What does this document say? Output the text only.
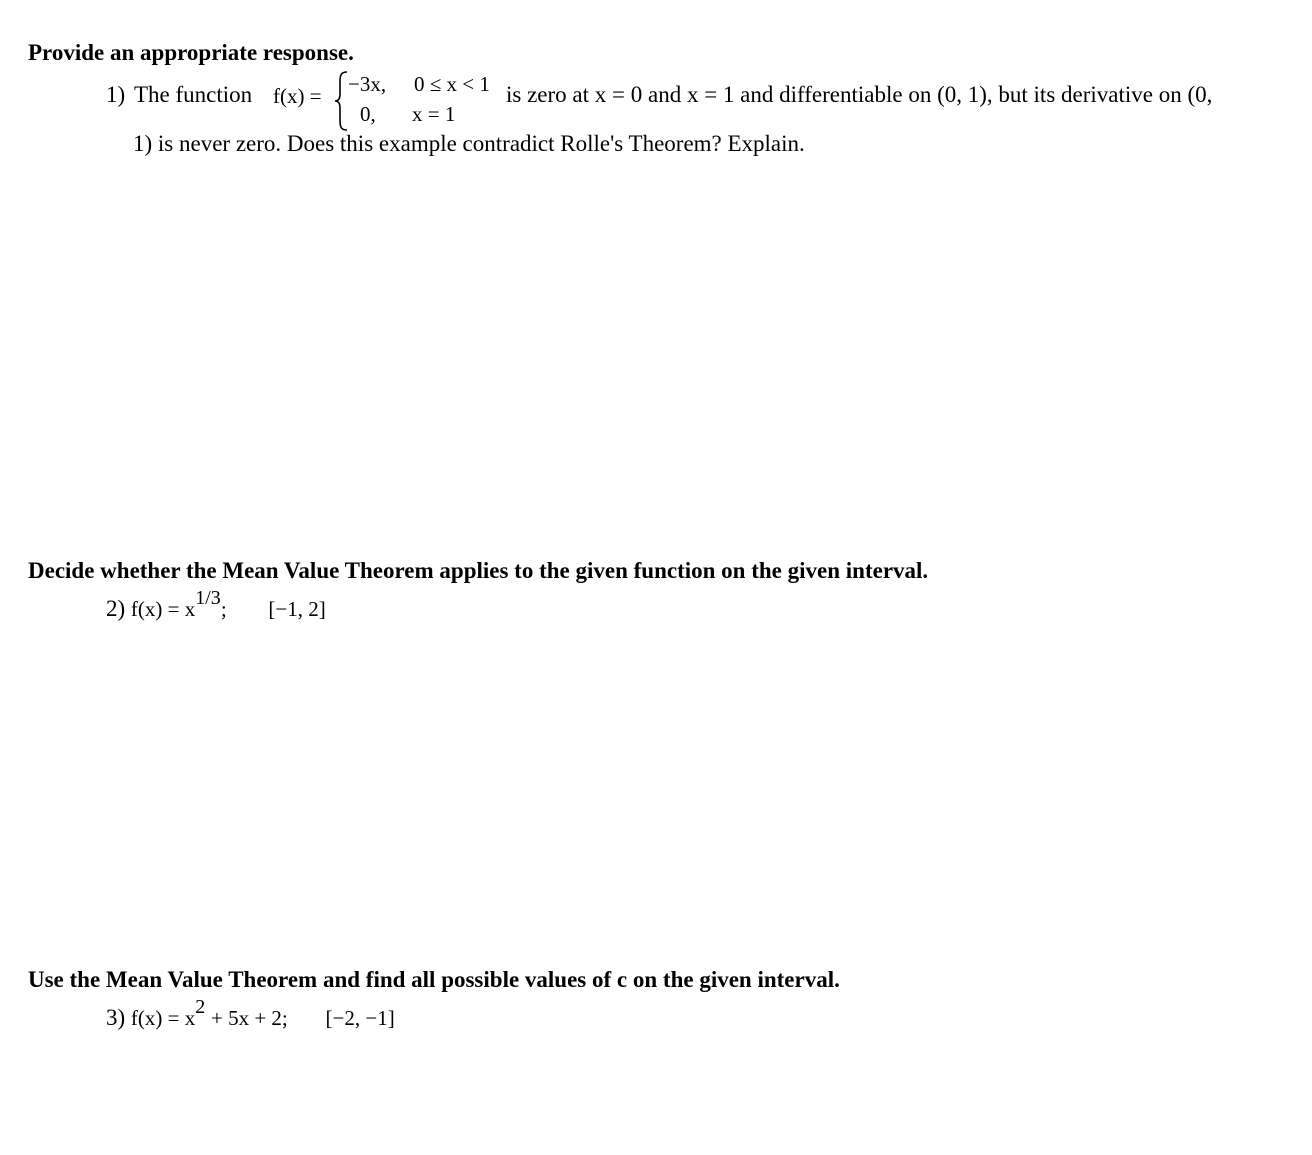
Provide an appropriate response.
1) The function f(x) = −3x, 0 ≤ x < 1
0, x = 1
is zero at x = 0 and x = 1 and differentiable on (0, 1), but its derivative on (0,
1) is never zero. Does this example contradict Rolle's Theorem? Explain.
Decide whether the Mean Value Theorem applies to the given function on the given interval.
2) f(x) = x1/3; [−1, 2]
Use the Mean Value Theorem and find all possible values of c on the given interval.
3) f(x) = x2 + 5x + 2; [−2, −1]
